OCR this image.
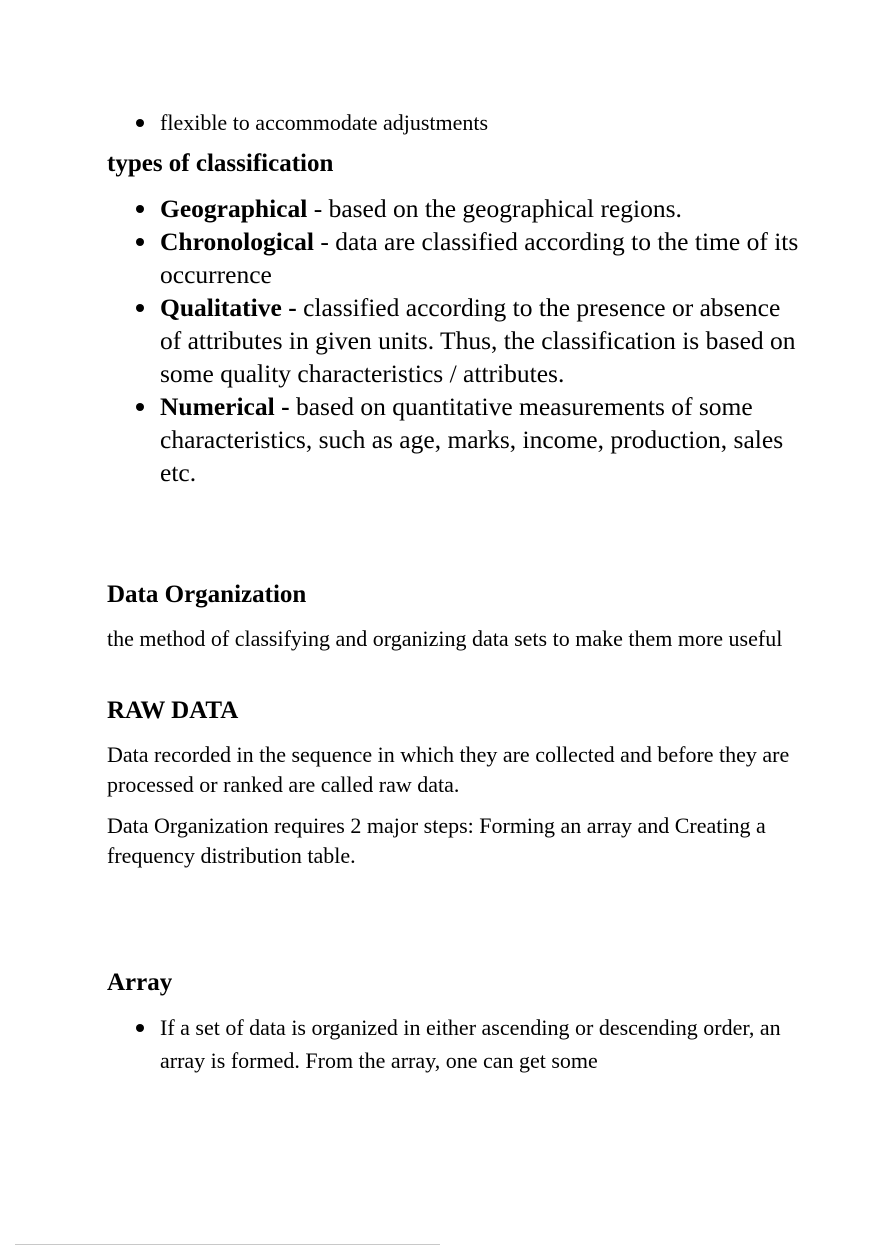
flexible to accommodate adjustments
types of classification
Geographical - based on the geographical regions.
Chronological - data are classified according to the time of its occurrence
Qualitative - classified according to the presence or absence of attributes in given units. Thus, the classification is based on some quality characteristics / attributes.
Numerical - based on quantitative measurements of some characteristics, such as age, marks, income, production, sales etc.
Data Organization

the method of classifying and organizing data sets to make them more useful

RAW DATA

Data recorded in the sequence in which they are collected and before they are processed or ranked are called raw data.

Data Organization requires 2 major steps: Forming an array and Creating a frequency distribution table.

Array
If a set of data is organized in either ascending or descending order, an array is formed. From the array, one can get some
